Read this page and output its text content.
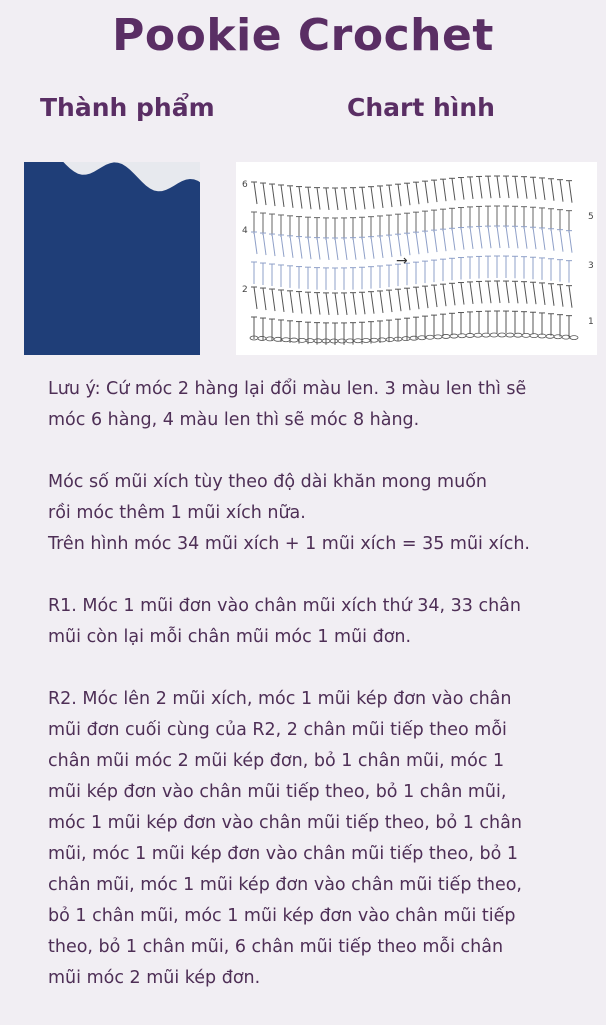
Pookie Crochet
Thành phẩm	Chart hình
6
5
4
3
2
1
→

Lưu ý: Cứ móc 2 hàng lại đổi màu len. 3 màu len thì sẽ
móc 6 hàng, 4 màu len thì sẽ móc 8 hàng.

Móc số mũi xích tùy theo độ dài khăn mong muốn
rồi móc thêm 1 mũi xích nữa.
Trên hình móc 34 mũi xích + 1 mũi xích = 35 mũi xích.

R1. Móc 1 mũi đơn vào chân mũi xích thứ 34, 33 chân
mũi còn lại mỗi chân mũi móc 1 mũi đơn.

R2. Móc lên 2 mũi xích, móc 1 mũi kép đơn vào chân
mũi đơn cuối cùng của R2, 2 chân mũi tiếp theo mỗi
chân mũi móc 2 mũi kép đơn, bỏ 1 chân mũi, móc 1
mũi kép đơn vào chân mũi tiếp theo, bỏ 1 chân mũi,
móc 1 mũi kép đơn vào chân mũi tiếp theo, bỏ 1 chân
mũi, móc 1 mũi kép đơn vào chân mũi tiếp theo, bỏ 1
chân mũi, móc 1 mũi kép đơn vào chân mũi tiếp theo,
bỏ 1 chân mũi, móc 1 mũi kép đơn vào chân mũi tiếp
theo, bỏ 1 chân mũi, 6 chân mũi tiếp theo mỗi chân
mũi móc 2 mũi kép đơn.
